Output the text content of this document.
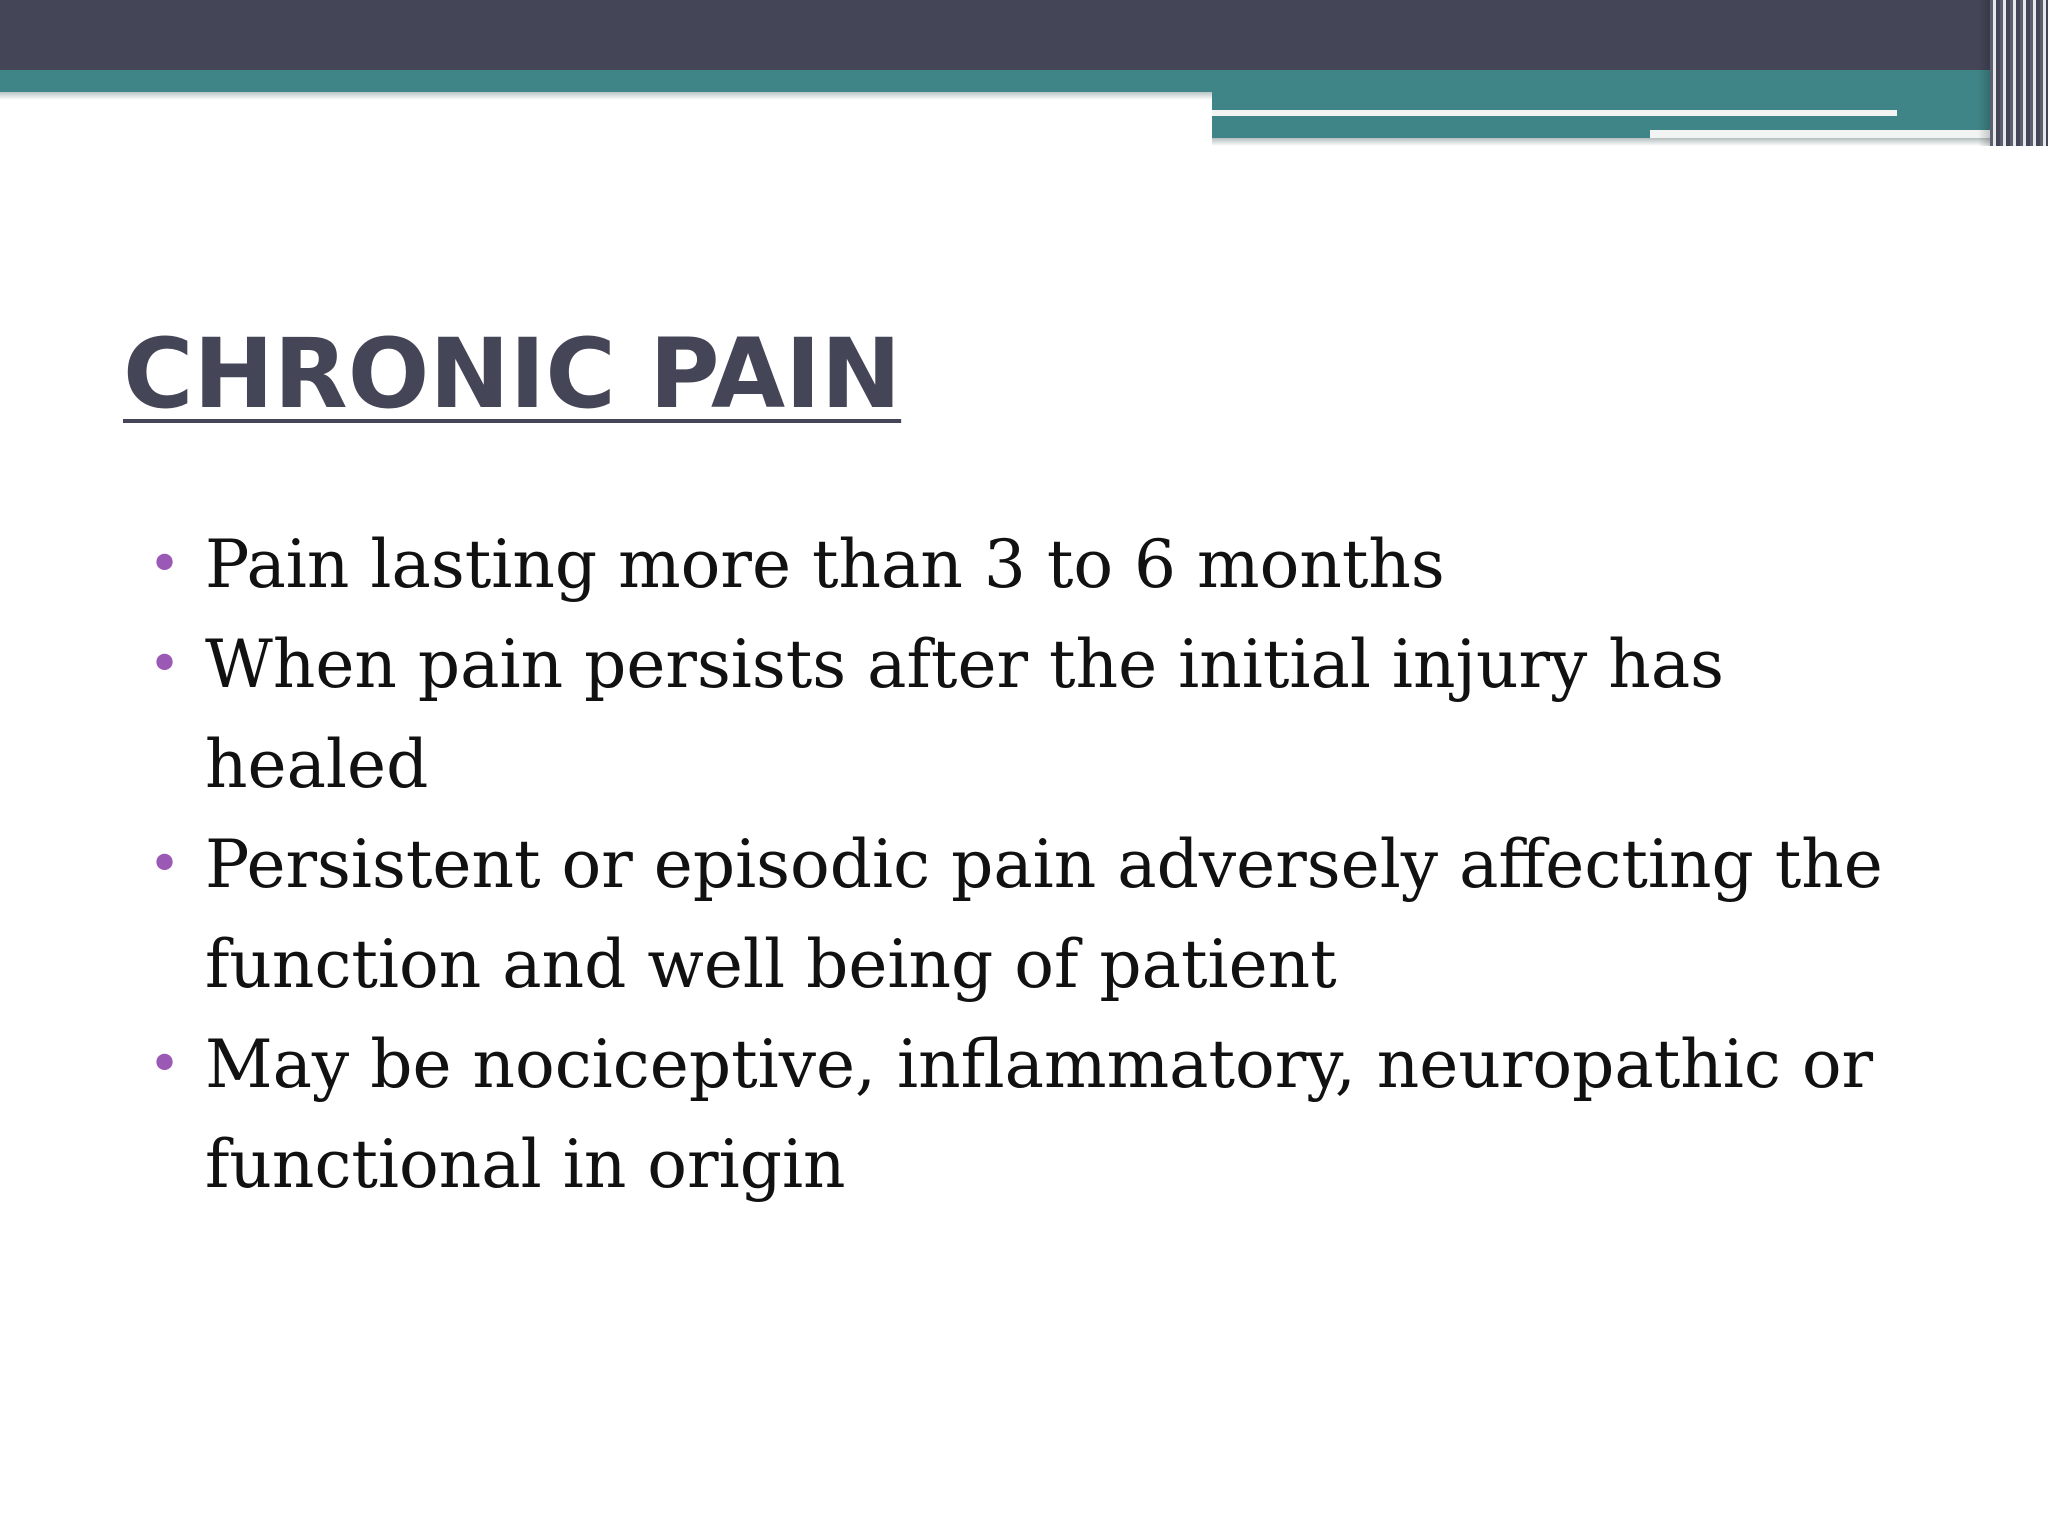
CHRONIC PAIN
• Pain lasting more than 3 to 6 months
• When pain persists after the initial injury has healed
• Persistent or episodic pain adversely affecting the function and well being of patient
• May be nociceptive, inflammatory, neuropathic or functional in origin
